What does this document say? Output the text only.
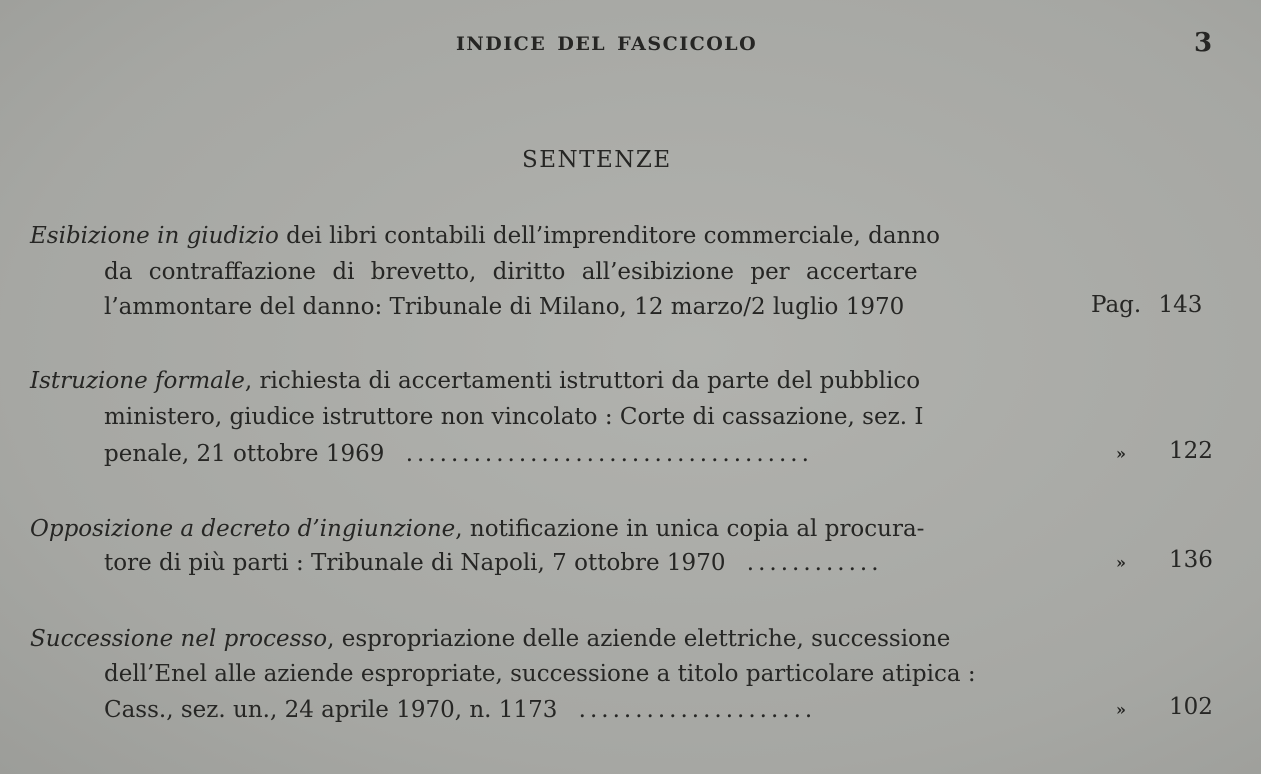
INDICE DEL FASCICOLO	3
SENTENZE
Esibizione in giudizio dei libri contabili dell’imprenditore commerciale, danno
da contraffazione di brevetto, diritto all’esibizione per accertare
l’ammontare del danno: Tribunale di Milano, 12 marzo/2 luglio 1970	Pag. 143
Istruzione formale, richiesta di accertamenti istruttori da parte del pubblico
ministero, giudice istruttore non vincolato : Corte di cassazione, sez. I
penale, 21 ottobre 1969 ....................................	» 122
Opposizione a decreto d’ingiunzione, notificazione in unica copia al procura-
tore di più parti : Tribunale di Napoli, 7 ottobre 1970 ............	» 136
Successione nel processo, espropriazione delle aziende elettriche, successione
dell’Enel alle aziende espropriate, successione a titolo particolare atipica :
Cass., sez. un., 24 aprile 1970, n. 1173 .....................	» 102
